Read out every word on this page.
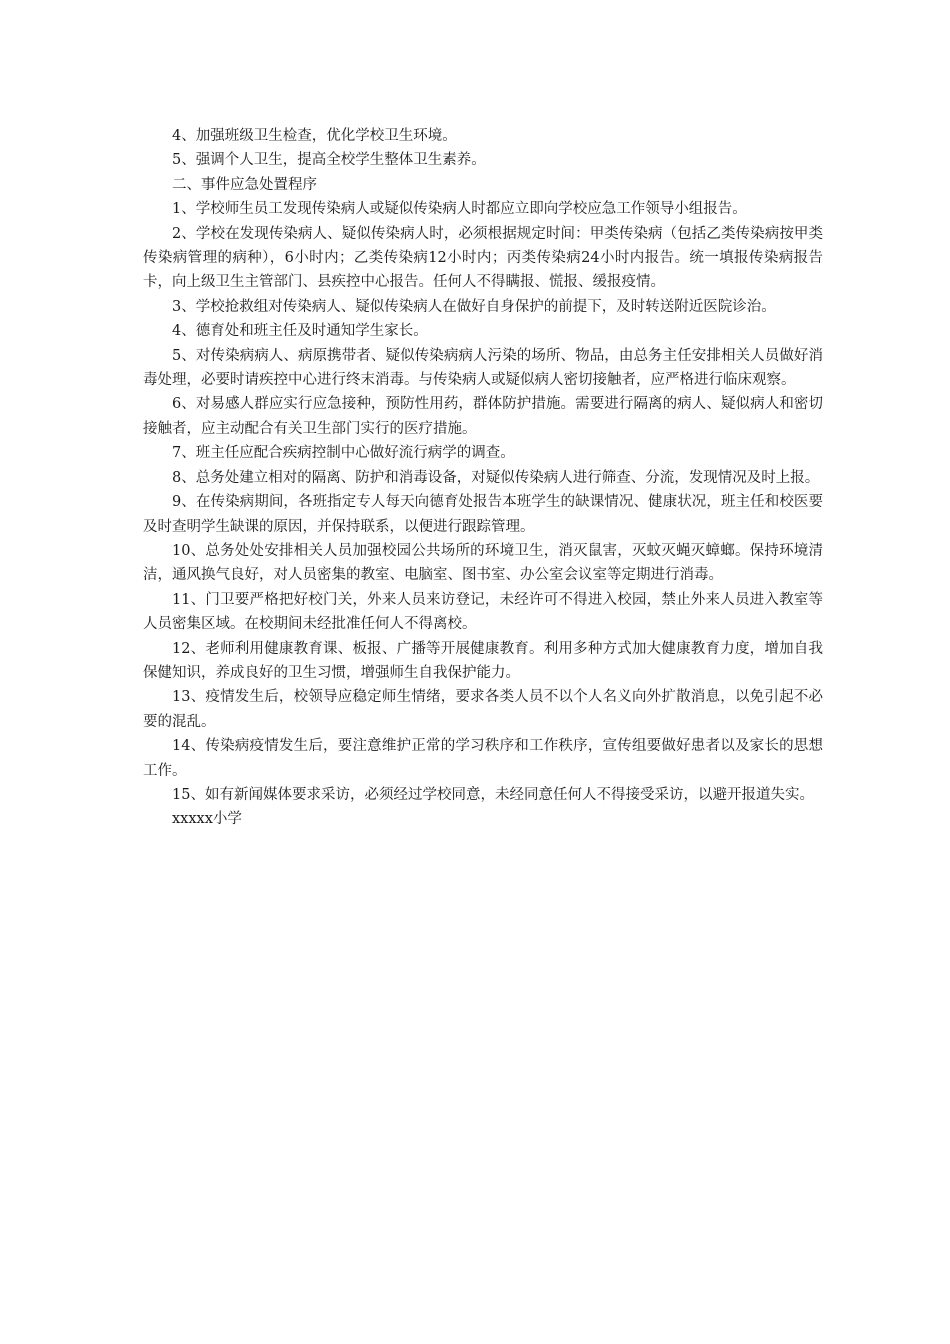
4、加强班级卫生检查，优化学校卫生环境。

5、强调个人卫生，提高全校学生整体卫生素养。

二、事件应急处置程序

1、学校师生员工发现传染病人或疑似传染病人时都应立即向学校应急工作领导小组报告。

2、学校在发现传染病人、疑似传染病人时，必须根据规定时间：甲类传染病（包括乙类传染病按甲类传染病管理的病种），6小时内；乙类传染病12小时内；丙类传染病24小时内报告。统一填报传染病报告卡，向上级卫生主管部门、县疾控中心报告。任何人不得瞒报、慌报、缓报疫情。

3、学校抢救组对传染病人、疑似传染病人在做好自身保护的前提下，及时转送附近医院诊治。

4、德育处和班主任及时通知学生家长。

5、对传染病病人、病原携带者、疑似传染病病人污染的场所、物品，由总务主任安排相关人员做好消毒处理，必要时请疾控中心进行终末消毒。与传染病人或疑似病人密切接触者，应严格进行临床观察。

6、对易感人群应实行应急接种，预防性用药，群体防护措施。需要进行隔离的病人、疑似病人和密切接触者，应主动配合有关卫生部门实行的医疗措施。

7、班主任应配合疾病控制中心做好流行病学的调查。

8、总务处建立相对的隔离、防护和消毒设备，对疑似传染病人进行筛查、分流，发现情况及时上报。

9、在传染病期间，各班指定专人每天向德育处报告本班学生的缺课情况、健康状况，班主任和校医要及时查明学生缺课的原因，并保持联系，以便进行跟踪管理。

10、总务处处安排相关人员加强校园公共场所的环境卫生，消灭鼠害，灭蚊灭蝇灭蟑螂。保持环境清洁，通风换气良好，对人员密集的教室、电脑室、图书室、办公室会议室等定期进行消毒。

11、门卫要严格把好校门关，外来人员来访登记，未经许可不得进入校园，禁止外来人员进入教室等人员密集区域。在校期间未经批准任何人不得离校。

12、老师利用健康教育课、板报、广播等开展健康教育。利用多种方式加大健康教育力度，增加自我保健知识，养成良好的卫生习惯，增强师生自我保护能力。

13、疫情发生后，校领导应稳定师生情绪，要求各类人员不以个人名义向外扩散消息，以免引起不必要的混乱。

14、传染病疫情发生后，要注意维护正常的学习秩序和工作秩序，宣传组要做好患者以及家长的思想工作。

15、如有新闻媒体要求采访，必须经过学校同意，未经同意任何人不得接受采访，以避开报道失实。

xxxxx小学
